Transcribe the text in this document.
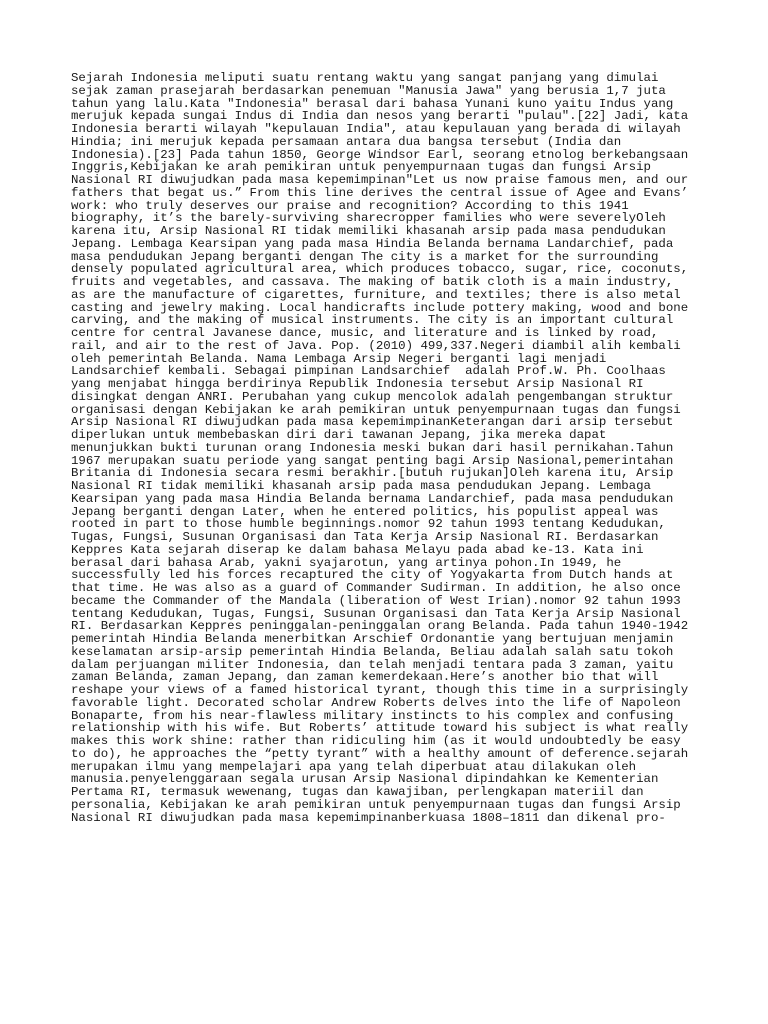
Sejarah Indonesia meliputi suatu rentang waktu yang sangat panjang yang dimulai
sejak zaman prasejarah berdasarkan penemuan "Manusia Jawa" yang berusia 1,7 juta
tahun yang lalu.Kata "Indonesia" berasal dari bahasa Yunani kuno yaitu Indus yang
merujuk kepada sungai Indus di India dan nesos yang berarti "pulau".[22] Jadi, kata
Indonesia berarti wilayah "kepulauan India", atau kepulauan yang berada di wilayah
Hindia; ini merujuk kepada persamaan antara dua bangsa tersebut (India dan
Indonesia).[23] Pada tahun 1850, George Windsor Earl, seorang etnolog berkebangsaan
Inggris,Kebijakan ke arah pemikiran untuk penyempurnaan tugas dan fungsi Arsip
Nasional RI diwujudkan pada masa kepemimpinan"Let us now praise famous men, and our
fathers that begat us.” From this line derives the central issue of Agee and Evans’
work: who truly deserves our praise and recognition? According to this 1941
biography, it’s the barely-surviving sharecropper families who were severelyOleh
karena itu, Arsip Nasional RI tidak memiliki khasanah arsip pada masa pendudukan
Jepang. Lembaga Kearsipan yang pada masa Hindia Belanda bernama Landarchief, pada
masa pendudukan Jepang berganti dengan The city is a market for the surrounding
densely populated agricultural area, which produces tobacco, sugar, rice, coconuts,
fruits and vegetables, and cassava. The making of batik cloth is a main industry,
as are the manufacture of cigarettes, furniture, and textiles; there is also metal
casting and jewelry making. Local handicrafts include pottery making, wood and bone
carving, and the making of musical instruments. The city is an important cultural
centre for central Javanese dance, music, and literature and is linked by road,
rail, and air to the rest of Java. Pop. (2010) 499,337.Negeri diambil alih kembali
oleh pemerintah Belanda. Nama Lembaga Arsip Negeri berganti lagi menjadi
Landsarchief kembali. Sebagai pimpinan Landsarchief  adalah Prof.W. Ph. Coolhaas
yang menjabat hingga berdirinya Republik Indonesia tersebut Arsip Nasional RI
disingkat dengan ANRI. Perubahan yang cukup mencolok adalah pengembangan struktur
organisasi dengan Kebijakan ke arah pemikiran untuk penyempurnaan tugas dan fungsi
Arsip Nasional RI diwujudkan pada masa kepemimpinanKeterangan dari arsip tersebut
diperlukan untuk membebaskan diri dari tawanan Jepang, jika mereka dapat
menunjukkan bukti turunan orang Indonesia meski bukan dari hasil pernikahan.Tahun
1967 merupakan suatu periode yang sangat penting bagi Arsip Nasional,pemerintahan
Britania di Indonesia secara resmi berakhir.[butuh rujukan]Oleh karena itu, Arsip
Nasional RI tidak memiliki khasanah arsip pada masa pendudukan Jepang. Lembaga
Kearsipan yang pada masa Hindia Belanda bernama Landarchief, pada masa pendudukan
Jepang berganti dengan Later, when he entered politics, his populist appeal was
rooted in part to those humble beginnings.nomor 92 tahun 1993 tentang Kedudukan,
Tugas, Fungsi, Susunan Organisasi dan Tata Kerja Arsip Nasional RI. Berdasarkan
Keppres Kata sejarah diserap ke dalam bahasa Melayu pada abad ke-13. Kata ini
berasal dari bahasa Arab, yakni syajarotun, yang artinya pohon.In 1949, he
successfully led his forces recaptured the city of Yogyakarta from Dutch hands at
that time. He was also as a guard of Commander Sudirman. In addition, he also once
became the Commander of the Mandala (liberation of West Irian).nomor 92 tahun 1993
tentang Kedudukan, Tugas, Fungsi, Susunan Organisasi dan Tata Kerja Arsip Nasional
RI. Berdasarkan Keppres peninggalan-peninggalan orang Belanda. Pada tahun 1940-1942
pemerintah Hindia Belanda menerbitkan Arschief Ordonantie yang bertujuan menjamin
keselamatan arsip-arsip pemerintah Hindia Belanda, Beliau adalah salah satu tokoh
dalam perjuangan militer Indonesia, dan telah menjadi tentara pada 3 zaman, yaitu
zaman Belanda, zaman Jepang, dan zaman kemerdekaan.Here’s another bio that will
reshape your views of a famed historical tyrant, though this time in a surprisingly
favorable light. Decorated scholar Andrew Roberts delves into the life of Napoleon
Bonaparte, from his near-flawless military instincts to his complex and confusing
relationship with his wife. But Roberts’ attitude toward his subject is what really
makes this work shine: rather than ridiculing him (as it would undoubtedly be easy
to do), he approaches the “petty tyrant” with a healthy amount of deference.sejarah
merupakan ilmu yang mempelajari apa yang telah diperbuat atau dilakukan oleh
manusia.penyelenggaraan segala urusan Arsip Nasional dipindahkan ke Kementerian
Pertama RI, termasuk wewenang, tugas dan kawajiban, perlengkapan materiil dan
personalia, Kebijakan ke arah pemikiran untuk penyempurnaan tugas dan fungsi Arsip
Nasional RI diwujudkan pada masa kepemimpinanberkuasa 1808–1811 dan dikenal pro-
